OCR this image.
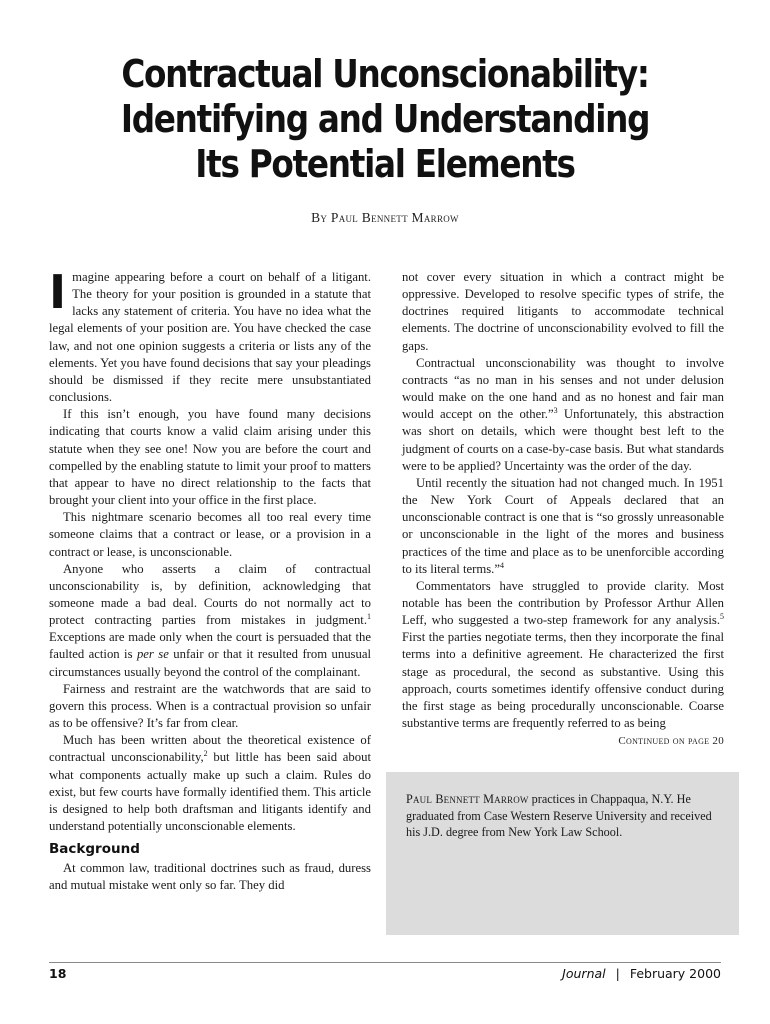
Contractual Unconscionability:
Identifying and Understanding
Its Potential Elements
By Paul Bennett Marrow

Imagine appearing before a court on behalf of a litigant. The theory for your position is grounded in a statute that lacks any statement of criteria. You have no idea what the legal elements of your position are. You have checked the case law, and not one opinion suggests a criteria or lists any of the elements. Yet you have found decisions that say your pleadings should be dismissed if they recite mere unsubstantiated conclusions.

If this isn’t enough, you have found many decisions indicating that courts know a valid claim arising under this statute when they see one! Now you are before the court and compelled by the enabling statute to limit your proof to matters that appear to have no direct relationship to the facts that brought your client into your office in the first place.

This nightmare scenario becomes all too real every time someone claims that a contract or lease, or a provision in a contract or lease, is unconscionable.

Anyone who asserts a claim of contractual unconscionability is, by definition, acknowledging that someone made a bad deal. Courts do not normally act to protect contracting parties from mistakes in judgment.$^1$ Exceptions are made only when the court is persuaded that the faulted action is per se unfair or that it resulted from unusual circumstances usually beyond the control of the complainant.

Fairness and restraint are the watchwords that are said to govern this process. When is a contractual provision so unfair as to be offensive? It’s far from clear.

Much has been written about the theoretical existence of contractual unconscionability,$^2$ but little has been said about what components actually make up such a claim. Rules do exist, but few courts have formally identified them. This article is designed to help both draftsman and litigants identify and understand potentially unconscionable elements.

Background

At common law, traditional doctrines such as fraud, duress and mutual mistake went only so far. They did

not cover every situation in which a contract might be oppressive. Developed to resolve specific types of strife, the doctrines required litigants to accommodate technical elements. The doctrine of unconscionability evolved to fill the gaps.

Contractual unconscionability was thought to involve contracts “as no man in his senses and not under delusion would make on the one hand and as no honest and fair man would accept on the other.”$^3$ Unfortunately, this abstraction was short on details, which were thought best left to the judgment of courts on a case-by-case basis. But what standards were to be applied? Uncertainty was the order of the day.

Until recently the situation had not changed much. In 1951 the New York Court of Appeals declared that an unconscionable contract is one that is “so grossly unreasonable or unconscionable in the light of the mores and business practices of the time and place as to be unenforcible according to its literal terms.”$^4$

Commentators have struggled to provide clarity. Most notable has been the contribution by Professor Arthur Allen Leff, who suggested a two-step framework for any analysis.$^5$ First the parties negotiate terms, then they incorporate the final terms into a definitive agreement. He characterized the first stage as procedural, the second as substantive. Using this approach, courts sometimes identify offensive conduct during the first stage as being procedurally unconscionable. Coarse substantive terms are frequently referred to as being

Continued on page 20
Paul Bennett Marrow practices in Chappaqua, N.Y. He graduated from Case Western Reserve University and received his J.D. degree from New York Law School.
18	Journal | February 2000
